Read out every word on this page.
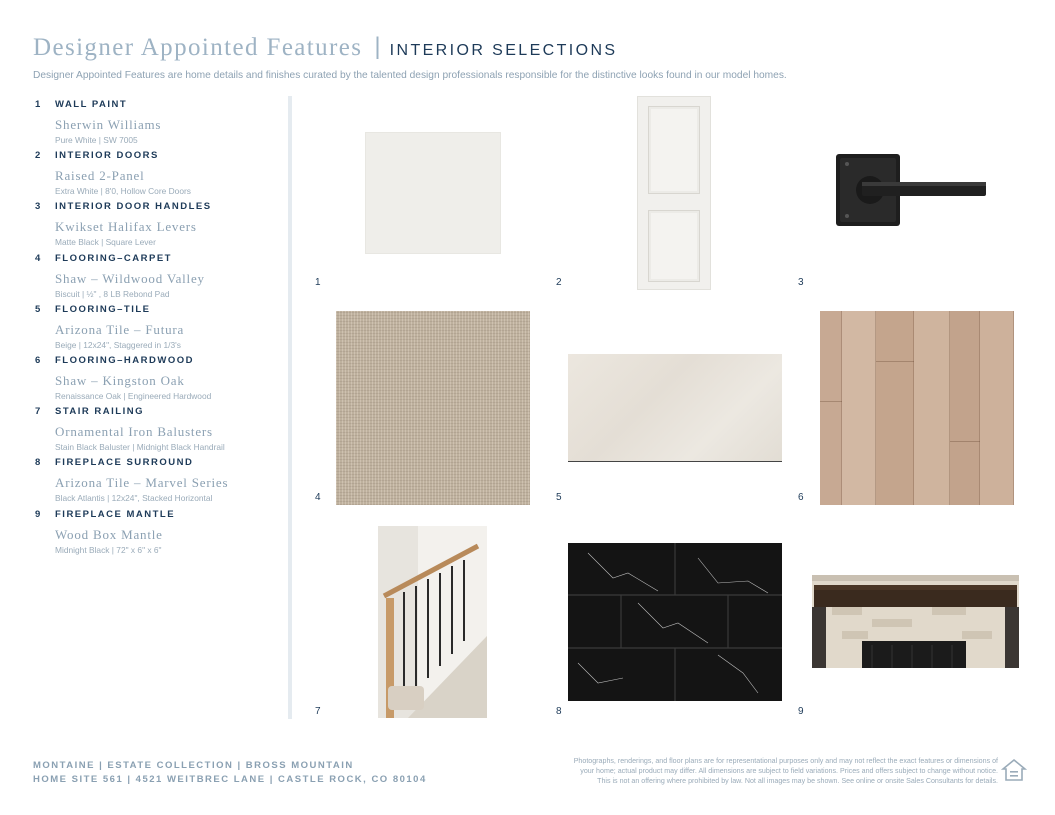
Designer Appointed Features | INTERIOR SELECTIONS
Designer Appointed Features are home details and finishes curated by the talented design professionals responsible for the distinctive looks found in our model homes.
1	WALL PAINT
Sherwin Williams
Pure White | SW 7005
2	INTERIOR DOORS
Raised 2-Panel
Extra White | 8'0, Hollow Core Doors
3	INTERIOR DOOR HANDLES
Kwikset Halifax Levers
Matte Black | Square Lever
4	FLOORING–CARPET
Shaw – Wildwood Valley
Biscuit | ½" , 8 LB Rebond Pad
5	FLOORING–TILE
Arizona Tile – Futura
Beige | 12x24", Staggered in 1/3's
6	FLOORING–HARDWOOD
Shaw – Kingston Oak
Renaissance Oak | Engineered Hardwood
7	STAIR RAILING
Ornamental Iron Balusters
Stain Black Baluster | Midnight Black Handrail
8	FIREPLACE SURROUND
Arizona Tile – Marvel Series
Black Atlantis | 12x24", Stacked Horizontal
9	FIREPLACE MANTLE
Wood Box Mantle
Midnight Black | 72" x 6" x 6"
1	2	3
4	5	6
7	8	9
MONTAINE | ESTATE COLLECTION | BROSS MOUNTAIN
HOME SITE 561 | 4521 WEITBREC LANE | CASTLE ROCK, CO 80104
Photographs, renderings, and floor plans are for representational purposes only and may not reflect the exact features or dimensions of
your home; actual product may differ. All dimensions are subject to field variations. Prices and offers subject to change without notice.
This is not an offering where prohibited by law. Not all images may be shown. See online or onsite Sales Consultants for details.
